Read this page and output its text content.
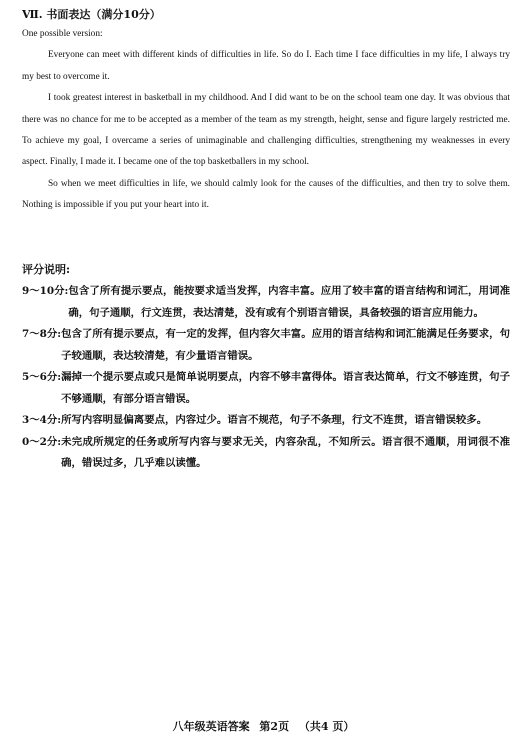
Ⅶ. 书面表达（满分10分）

One possible version:

Everyone can meet with different kinds of difficulties in life. So do I. Each time I face difficulties in my life, I always try my best to overcome it.

I took greatest interest in basketball in my childhood. And I did want to be on the school team one day. It was obvious that there was no chance for me to be accepted as a member of the team as my strength, height, sense and figure largely restricted me. To achieve my goal, I overcame a series of unimaginable and challenging difficulties, strengthening my weaknesses in every aspect. Finally, I made it. I became one of the top basketballers in my school.

So when we meet difficulties in life, we should calmly look for the causes of the difficulties, and then try to solve them. Nothing is impossible if you put your heart into it.

评分说明:
9～10分: 包含了所有提示要点，能按要求适当发挥，内容丰富。应用了较丰富的语言结构和词汇，用词准确，句子通顺，行文连贯，表达清楚，没有或有个别语言错误，具备较强的语言应用能力。
7～8分: 包含了所有提示要点，有一定的发挥，但内容欠丰富。应用的语言结构和词汇能满足任务要求，句子较通顺，表达较清楚，有少量语言错误。
5～6分: 漏掉一个提示要点或只是简单说明要点，内容不够丰富得体。语言表达简单，行文不够连贯，句子不够通顺，有部分语言错误。
3～4分: 所写内容明显偏离要点，内容过少。语言不规范，句子不条理，行文不连贯，语言错误较多。
0～2分: 未完成所规定的任务或所写内容与要求无关，内容杂乱，不知所云。语言很不通顺，用词很不准确，错误过多，几乎难以读懂。
八年级英语答案 第2页 （共4 页）
